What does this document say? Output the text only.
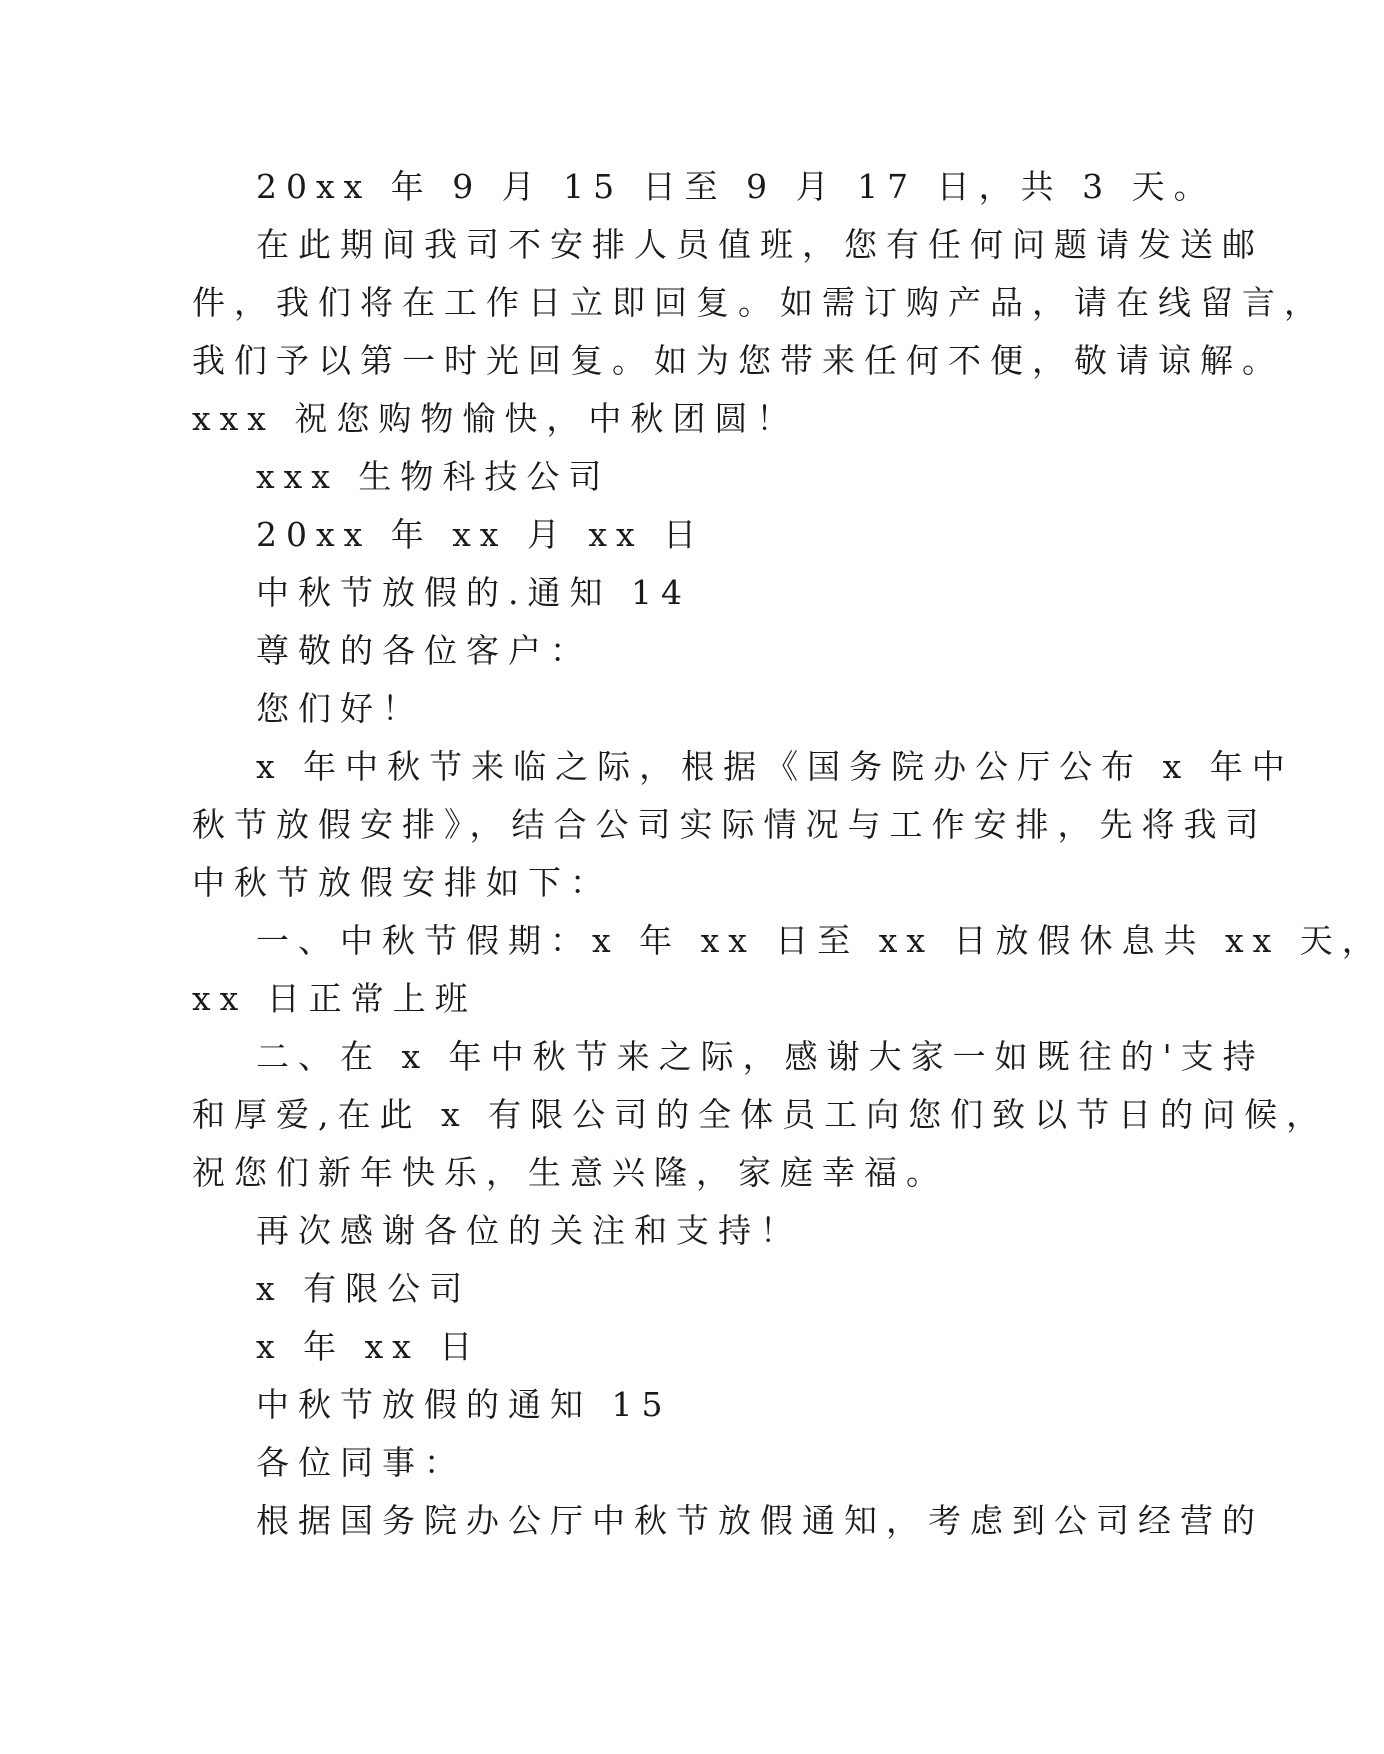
20xx 年 9 月 15 日至 9 月 17 日，共 3 天。
在此期间我司不安排人员值班，您有任何问题请发送邮
件，我们将在工作日立即回复。如需订购产品，请在线留言，
我们予以第一时光回复。如为您带来任何不便，敬请谅解。
xxx 祝您购物愉快，中秋团圆！
xxx 生物科技公司
20xx 年 xx 月 xx 日
中秋节放假的.通知 14
尊敬的各位客户：
您们好！
x 年中秋节来临之际，根据《国务院办公厅公布 x 年中
秋节放假安排》，结合公司实际情况与工作安排，先将我司
中秋节放假安排如下：
一、中秋节假期：x 年 xx 日至 xx 日放假休息共 xx 天，
xx 日正常上班
二、在 x 年中秋节来之际，感谢大家一如既往的'支持
和厚爱,在此 x 有限公司的全体员工向您们致以节日的问候，
祝您们新年快乐，生意兴隆，家庭幸福。
再次感谢各位的关注和支持！
x 有限公司
x 年 xx 日
中秋节放假的通知 15
各位同事：
根据国务院办公厅中秋节放假通知，考虑到公司经营的
